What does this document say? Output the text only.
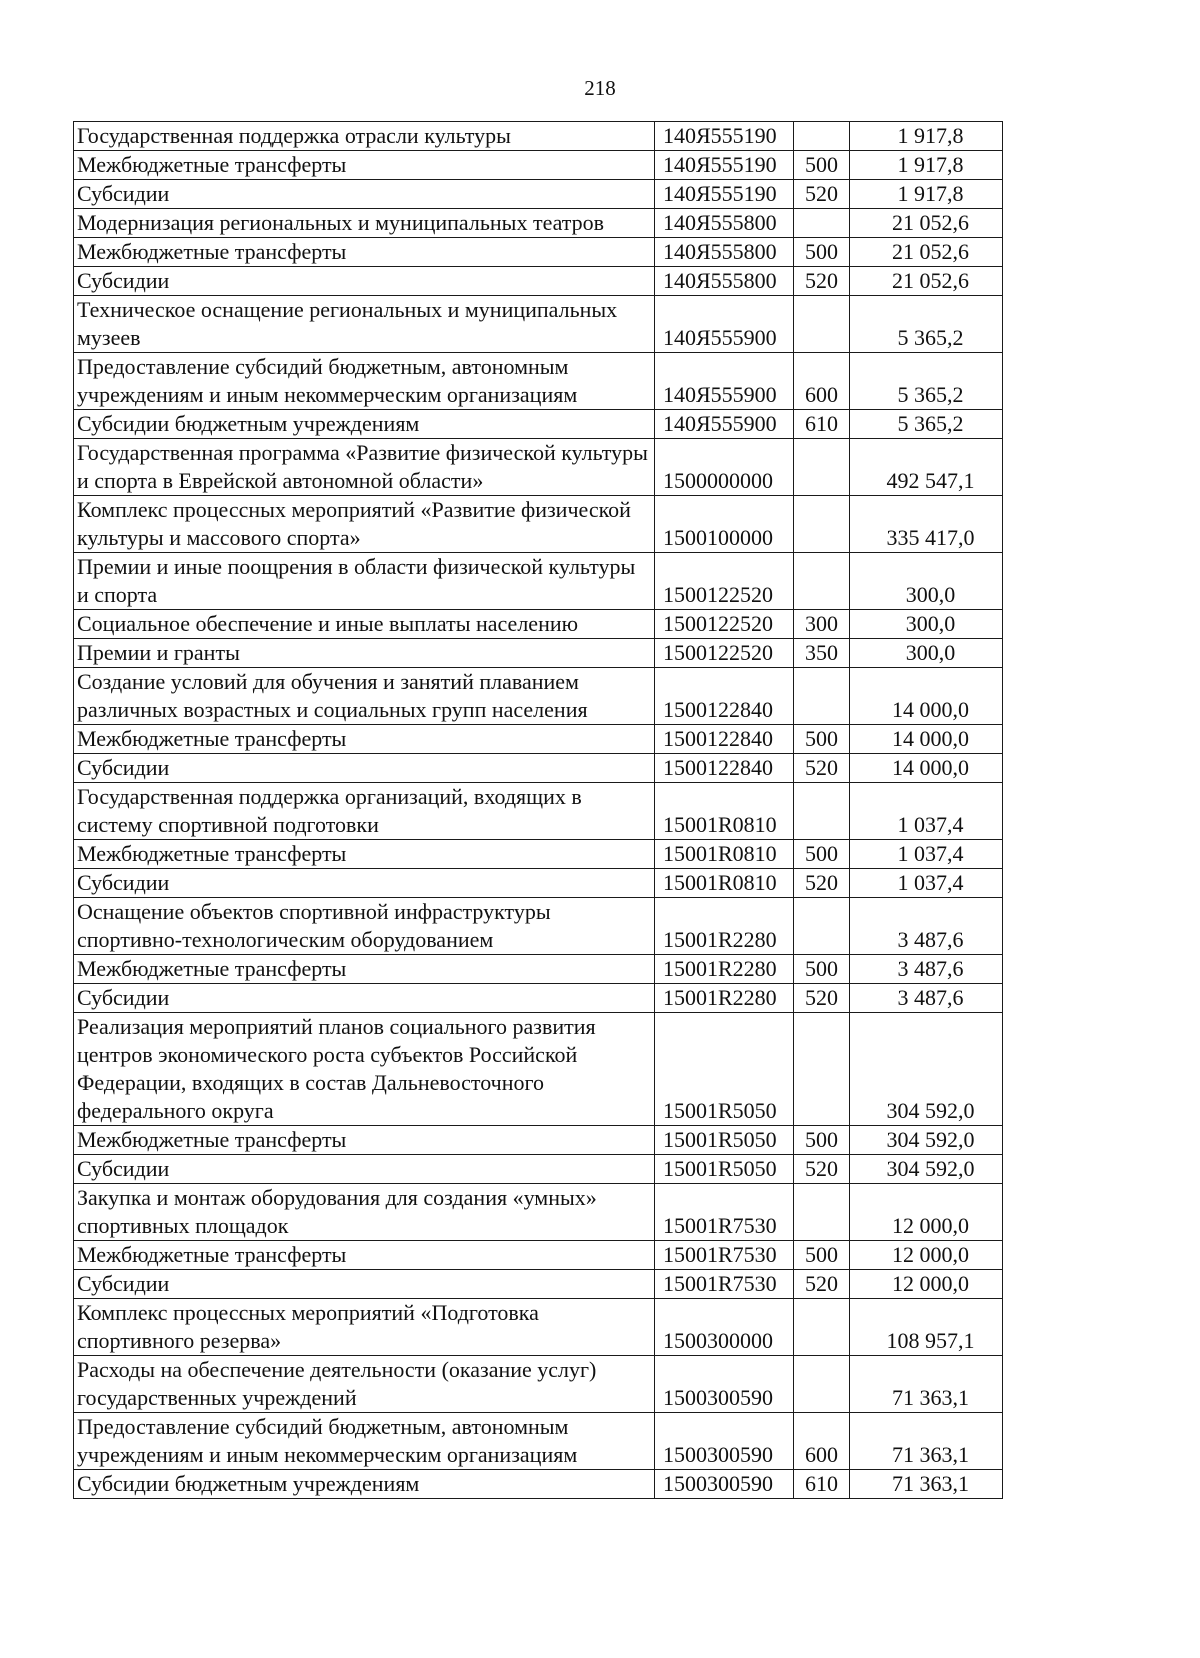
218
Государственная поддержка отрасли культуры	140Я555190		1 917,8
Межбюджетные трансферты	140Я555190	500	1 917,8
Субсидии	140Я555190	520	1 917,8
Модернизация региональных и муниципальных театров	140Я555800		21 052,6
Межбюджетные трансферты	140Я555800	500	21 052,6
Субсидии	140Я555800	520	21 052,6
Техническое оснащение региональных и муниципальных музеев	140Я555900		5 365,2
Предоставление субсидий бюджетным, автономным учреждениям и иным некоммерческим организациям	140Я555900	600	5 365,2
Субсидии бюджетным учреждениям	140Я555900	610	5 365,2
Государственная программа «Развитие физической культуры и спорта в Еврейской автономной области»	1500000000		492 547,1
Комплекс процессных мероприятий «Развитие физической культуры и массового спорта»	1500100000		335 417,0
Премии и иные поощрения в области физической культуры и спорта	1500122520		300,0
Социальное обеспечение и иные выплаты населению	1500122520	300	300,0
Премии и гранты	1500122520	350	300,0
Создание условий для обучения и занятий плаванием различных возрастных и социальных групп населения	1500122840		14 000,0
Межбюджетные трансферты	1500122840	500	14 000,0
Субсидии	1500122840	520	14 000,0
Государственная поддержка организаций, входящих в систему спортивной подготовки	15001R0810		1 037,4
Межбюджетные трансферты	15001R0810	500	1 037,4
Субсидии	15001R0810	520	1 037,4
Оснащение объектов спортивной инфраструктуры спортивно-технологическим оборудованием	15001R2280		3 487,6
Межбюджетные трансферты	15001R2280	500	3 487,6
Субсидии	15001R2280	520	3 487,6
Реализация мероприятий планов социального развития центров экономического роста субъектов Российской Федерации, входящих в состав Дальневосточного федерального округа	15001R5050		304 592,0
Межбюджетные трансферты	15001R5050	500	304 592,0
Субсидии	15001R5050	520	304 592,0
Закупка и монтаж оборудования для создания «умных» спортивных площадок	15001R7530		12 000,0
Межбюджетные трансферты	15001R7530	500	12 000,0
Субсидии	15001R7530	520	12 000,0
Комплекс процессных мероприятий «Подготовка спортивного резерва»	1500300000		108 957,1
Расходы на обеспечение деятельности (оказание услуг) государственных учреждений	1500300590		71 363,1
Предоставление субсидий бюджетным, автономным учреждениям и иным некоммерческим организациям	1500300590	600	71 363,1
Субсидии бюджетным учреждениям	1500300590	610	71 363,1
